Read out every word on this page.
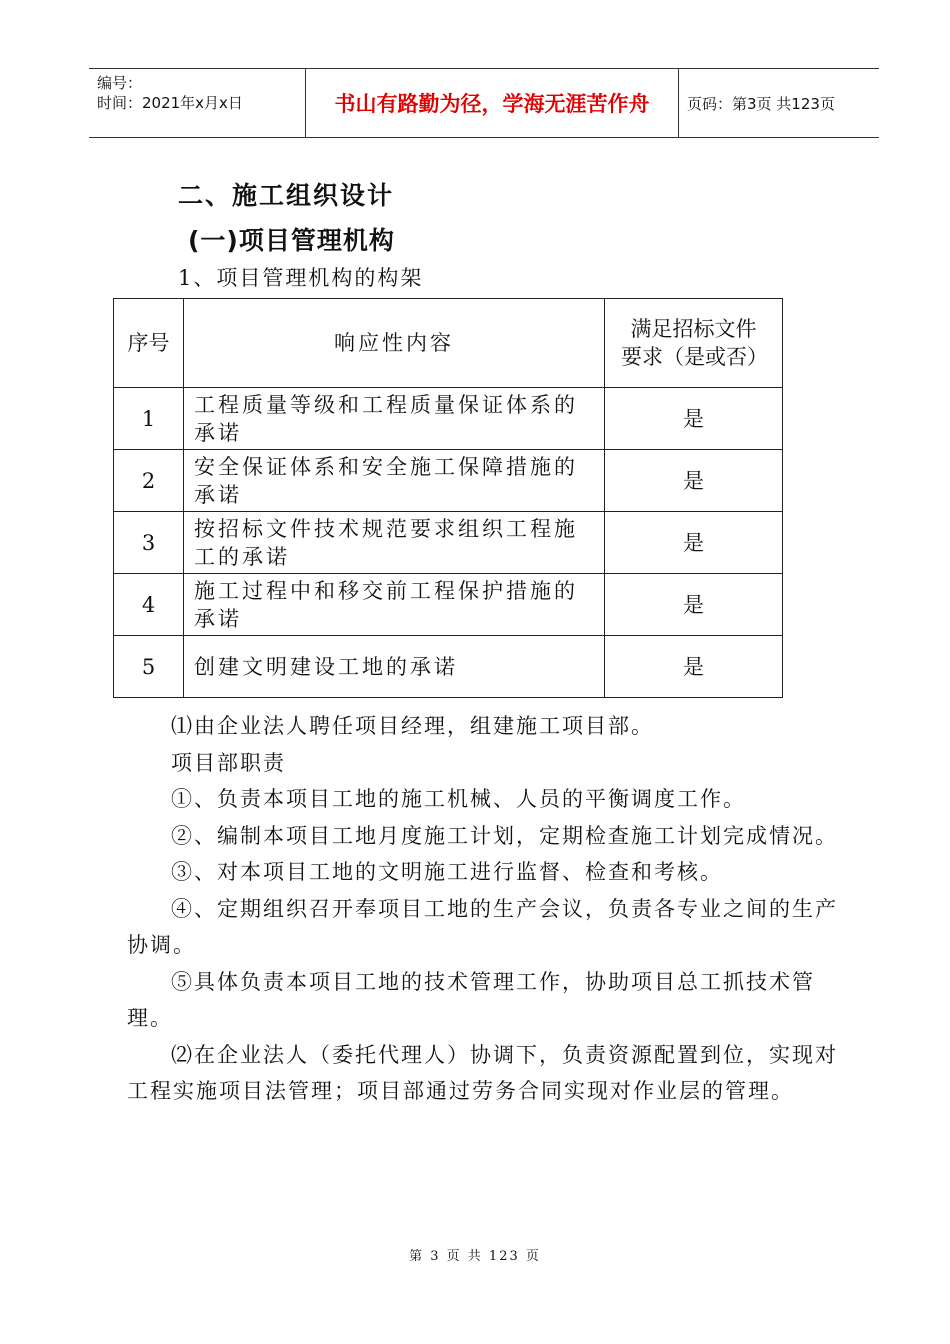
编号：
时间：2021年x月x日	书山有路勤为径，学海无涯苦作舟	页码：第3页 共123页
二、施工组织设计
(一)项目管理机构
1、项目管理机构的构架
序号	响应性内容	满足招标文件要求（是或否）
1	工程质量等级和工程质量保证体系的承诺	是
2	安全保证体系和安全施工保障措施的承诺	是
3	按招标文件技术规范要求组织工程施工的承诺	是
4	施工过程中和移交前工程保护措施的承诺	是
5	创建文明建设工地的承诺	是

⑴由企业法人聘任项目经理，组建施工项目部。

项目部职责

①、负责本项目工地的施工机械、人员的平衡调度工作。

②、编制本项目工地月度施工计划，定期检查施工计划完成情况。

③、对本项目工地的文明施工进行监督、检查和考核。

④、定期组织召开奉项目工地的生产会议，负责各专业之间的生产协调。

⑤具体负责本项目工地的技术管理工作，协助项目总工抓技术管理。

⑵在企业法人（委托代理人）协调下，负责资源配置到位，实现对工程实施项目法管理；项目部通过劳务合同实现对作业层的管理。

第 3 页 共 123 页
